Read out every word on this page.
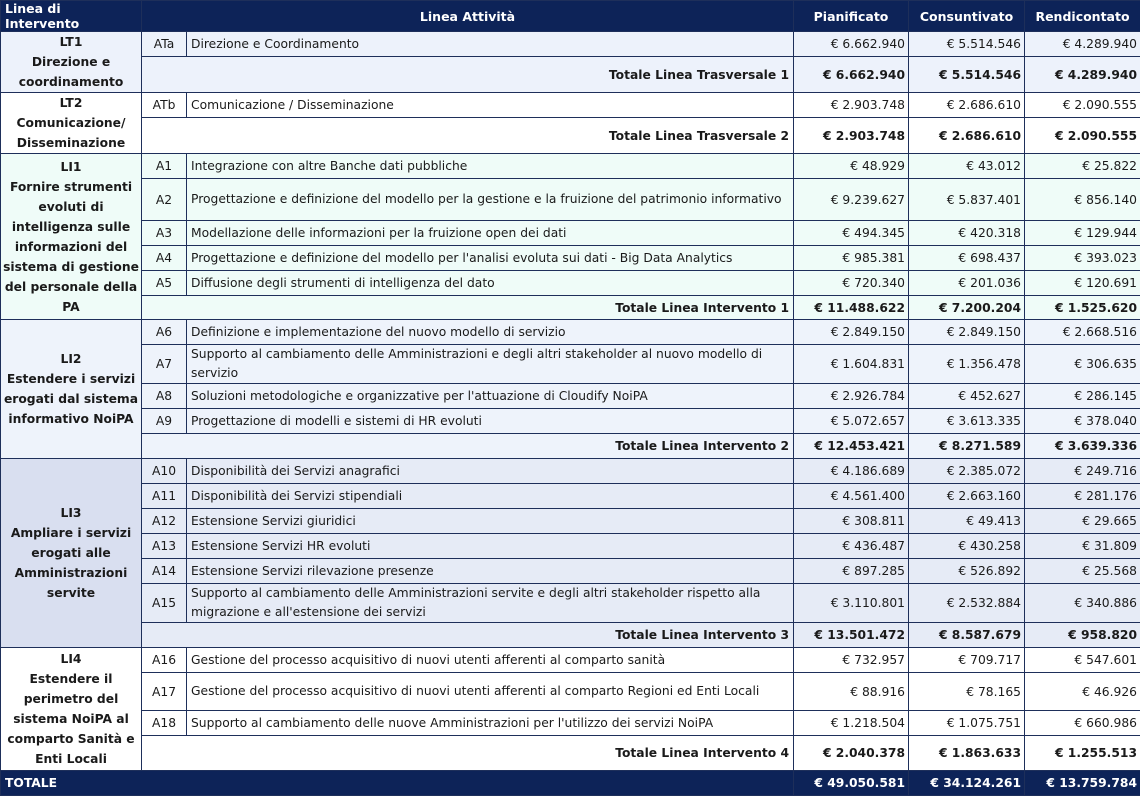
Linea di Intervento	Linea Attività		Pianificato	Consuntivato	Rendicontato

LT1
Direzione e coordinamento	ATa	Direzione e Coordinamento	€ 6.662.940	€ 5.514.546	€ 4.289.940
	Totale Linea Trasversale 1		€ 6.662.940	€ 5.514.546	€ 4.289.940

LT2
Comunicazione/ Disseminazione	ATb	Comunicazione / Disseminazione	€ 2.903.748	€ 2.686.610	€ 2.090.555
	Totale Linea Trasversale 2		€ 2.903.748	€ 2.686.610	€ 2.090.555

LI1
Fornire strumenti evoluti di intelligenza sulle informazioni del sistema di gestione del personale della PA	A1	Integrazione con altre Banche dati pubbliche	€ 48.929	€ 43.012	€ 25.822
	A2	Progettazione e definizione del modello per la gestione e la fruizione del patrimonio informativo	€ 9.239.627	€ 5.837.401	€ 856.140
	A3	Modellazione delle informazioni per la fruizione open dei dati	€ 494.345	€ 420.318	€ 129.944
	A4	Progettazione e definizione del modello per l'analisi evoluta sui dati - Big Data Analytics	€ 985.381	€ 698.437	€ 393.023
	A5	Diffusione degli strumenti di intelligenza del dato	€ 720.340	€ 201.036	€ 120.691
	Totale Linea Intervento 1		€ 11.488.622	€ 7.200.204	€ 1.525.620

LI2
Estendere i servizi erogati dal sistema informativo NoiPA	A6	Definizione e implementazione del nuovo modello di servizio	€ 2.849.150	€ 2.849.150	€ 2.668.516
	A7	Supporto al cambiamento delle Amministrazioni e degli altri stakeholder al nuovo modello di servizio	€ 1.604.831	€ 1.356.478	€ 306.635
	A8	Soluzioni metodologiche e organizzative per l'attuazione di Cloudify NoiPA	€ 2.926.784	€ 452.627	€ 286.145
	A9	Progettazione di modelli e sistemi di HR evoluti	€ 5.072.657	€ 3.613.335	€ 378.040
	Totale Linea Intervento 2		€ 12.453.421	€ 8.271.589	€ 3.639.336

LI3
Ampliare i servizi erogati alle Amministrazioni servite	A10	Disponibilità dei Servizi anagrafici	€ 4.186.689	€ 2.385.072	€ 249.716
	A11	Disponibilità dei Servizi stipendiali	€ 4.561.400	€ 2.663.160	€ 281.176
	A12	Estensione Servizi giuridici	€ 308.811	€ 49.413	€ 29.665
	A13	Estensione Servizi HR evoluti	€ 436.487	€ 430.258	€ 31.809
	A14	Estensione Servizi rilevazione presenze	€ 897.285	€ 526.892	€ 25.568
	A15	Supporto al cambiamento delle Amministrazioni servite e degli altri stakeholder rispetto alla migrazione e all'estensione dei servizi	€ 3.110.801	€ 2.532.884	€ 340.886
	Totale Linea Intervento 3		€ 13.501.472	€ 8.587.679	€ 958.820

LI4
Estendere il perimetro del sistema NoiPA al comparto Sanità e Enti Locali	A16	Gestione del processo acquisitivo di nuovi utenti afferenti al comparto sanità	€ 732.957	€ 709.717	€ 547.601
	A17	Gestione del processo acquisitivo di nuovi utenti afferenti al comparto Regioni ed Enti Locali	€ 88.916	€ 78.165	€ 46.926
	A18	Supporto al cambiamento delle nuove Amministrazioni per l'utilizzo dei servizi NoiPA	€ 1.218.504	€ 1.075.751	€ 660.986
	Totale Linea Intervento 4		€ 2.040.378	€ 1.863.633	€ 1.255.513
TOTALE			€ 49.050.581	€ 34.124.261	€ 13.759.784
